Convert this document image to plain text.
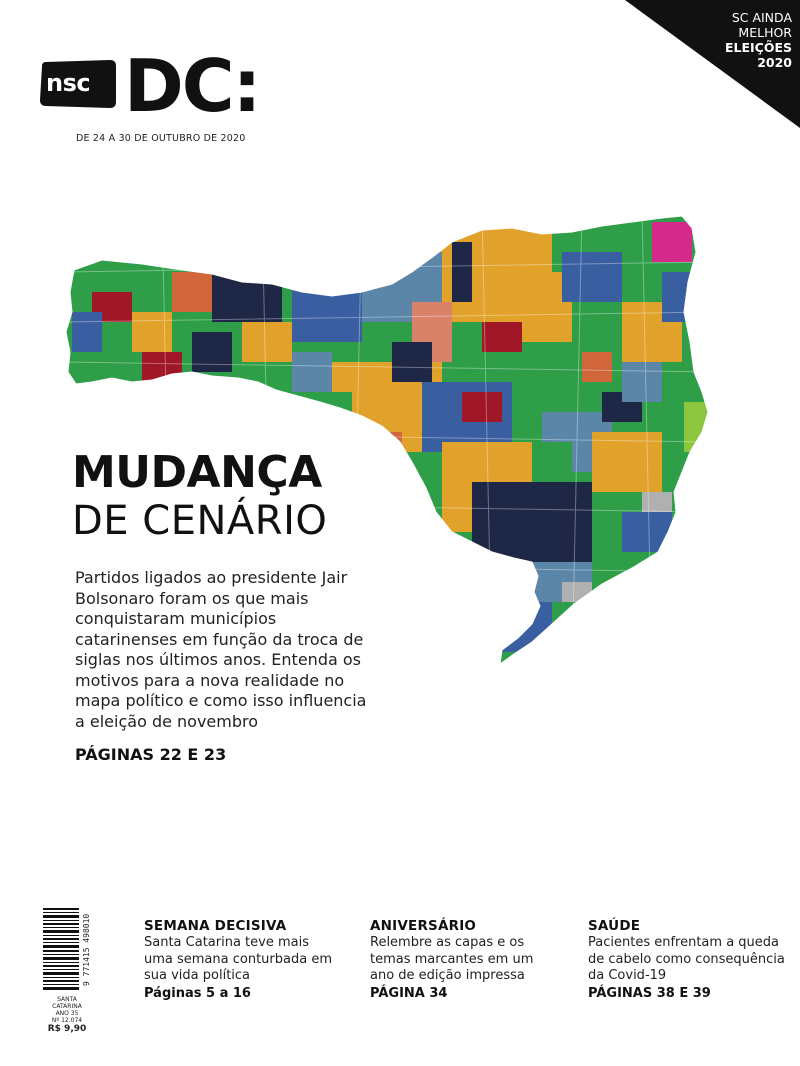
SC AINDA
MELHOR
ELEIÇÕES
2020
nsc DC:
DE 24 A 30 DE OUTUBRO DE 2020
MUDANÇA
DE CENÁRIO
Partidos ligados ao presidente Jair Bolsonaro foram os que mais conquistaram municípios catarinenses em função da troca de siglas nos últimos anos. Entenda os motivos para a nova realidade no mapa político e como isso influencia a eleição de novembro
PÁGINAS 22 E 23
9 771415 498010
SANTA
CATARINA
ANO 35
Nº 12.074
R$ 9,90
SEMANA DECISIVA
Santa Catarina teve mais uma semana conturbada em sua vida política
Páginas 5 a 16
ANIVERSÁRIO
Relembre as capas e os temas marcantes em um ano de edição impressa
PÁGINA 34
SAÚDE
Pacientes enfrentam a queda de cabelo como consequência da Covid-19
PÁGINAS 38 E 39
